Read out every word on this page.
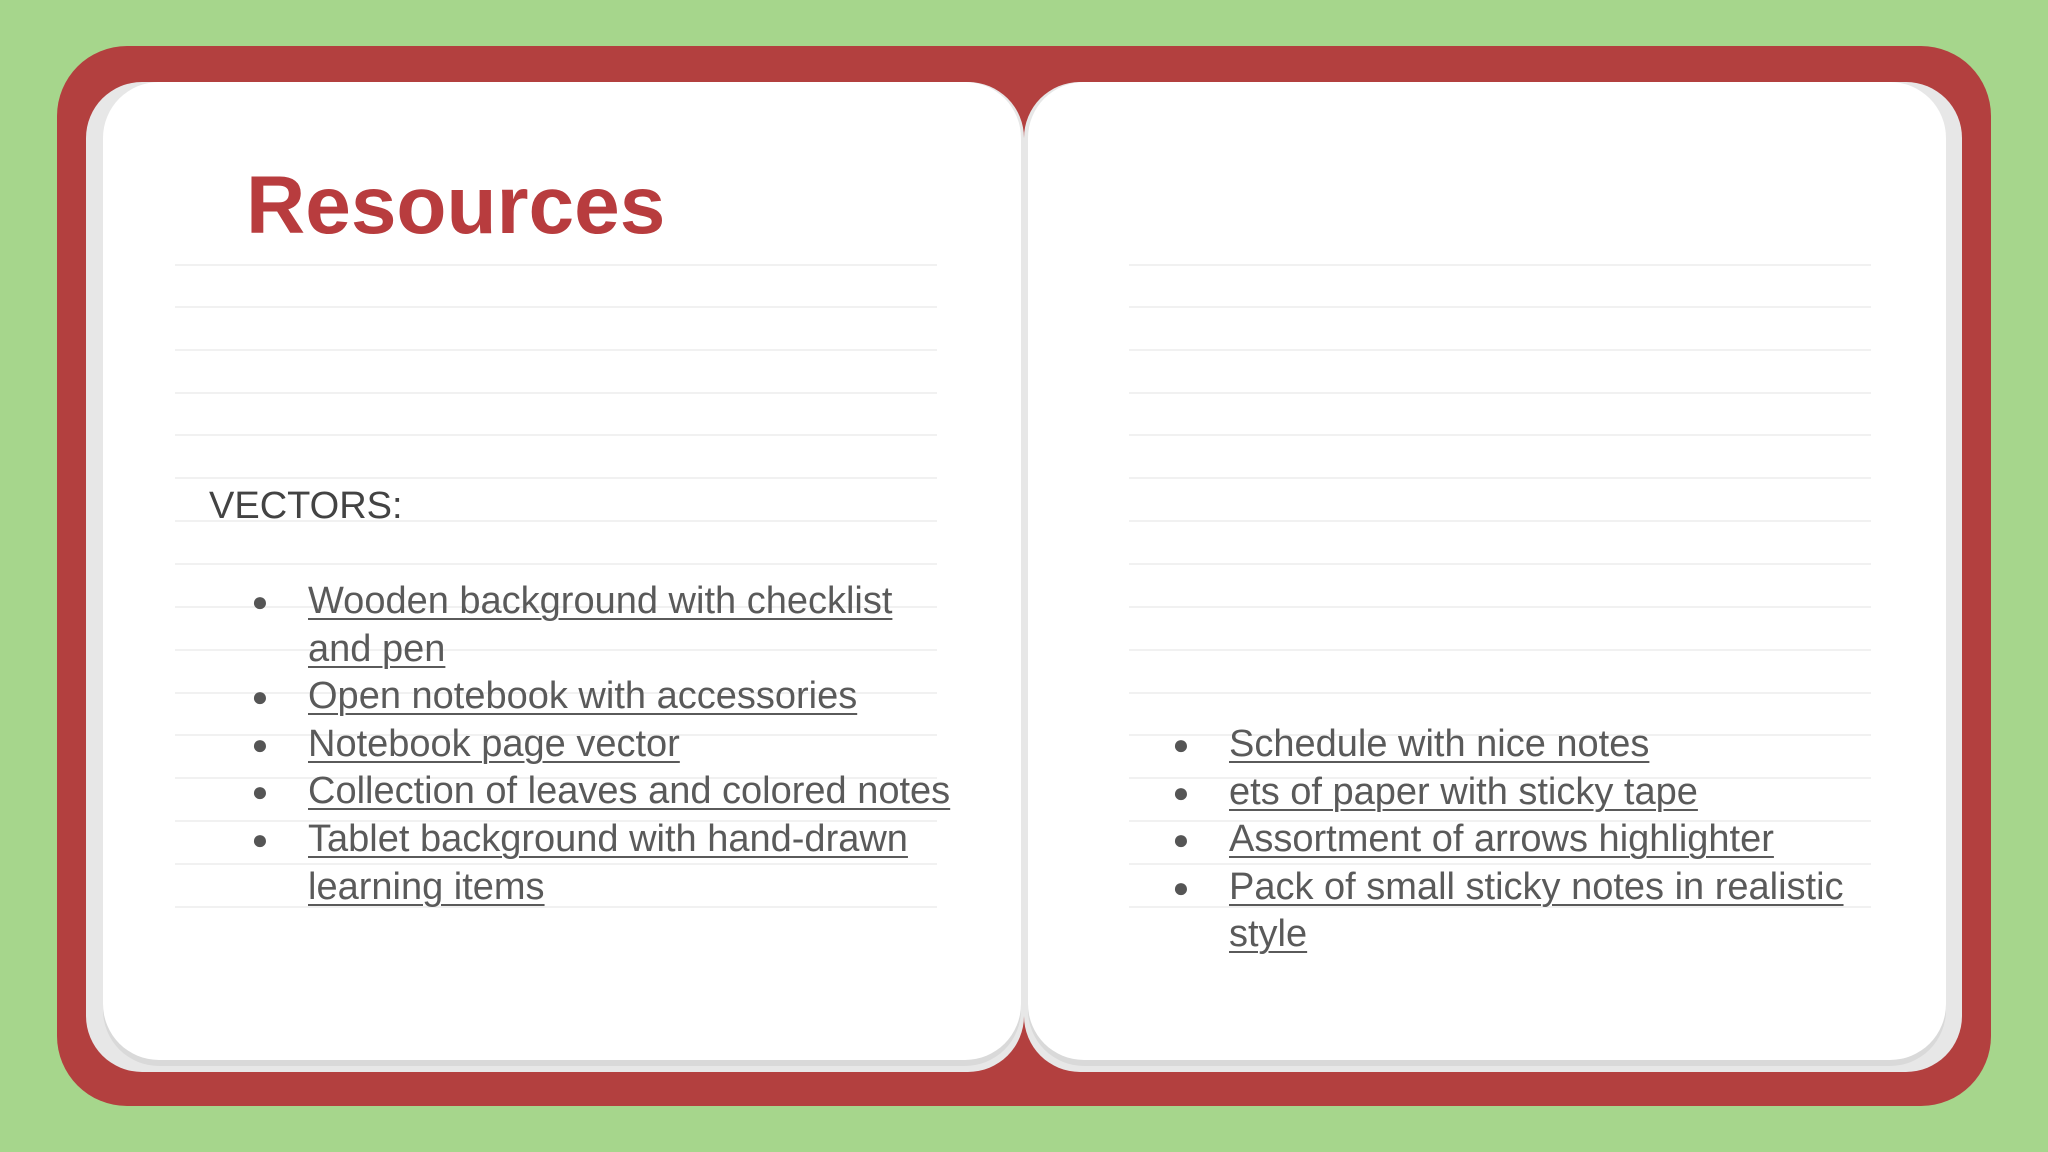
Resources
VECTORS:
●	Wooden background with checklist and pen
●	Open notebook with accessories
●	Notebook page vector
●	Collection of leaves and colored notes
●	Tablet background with hand-drawn learning items
●	Schedule with nice notes
●	ets of paper with sticky tape
●	Assortment of arrows highlighter
●	Pack of small sticky notes in realistic style
